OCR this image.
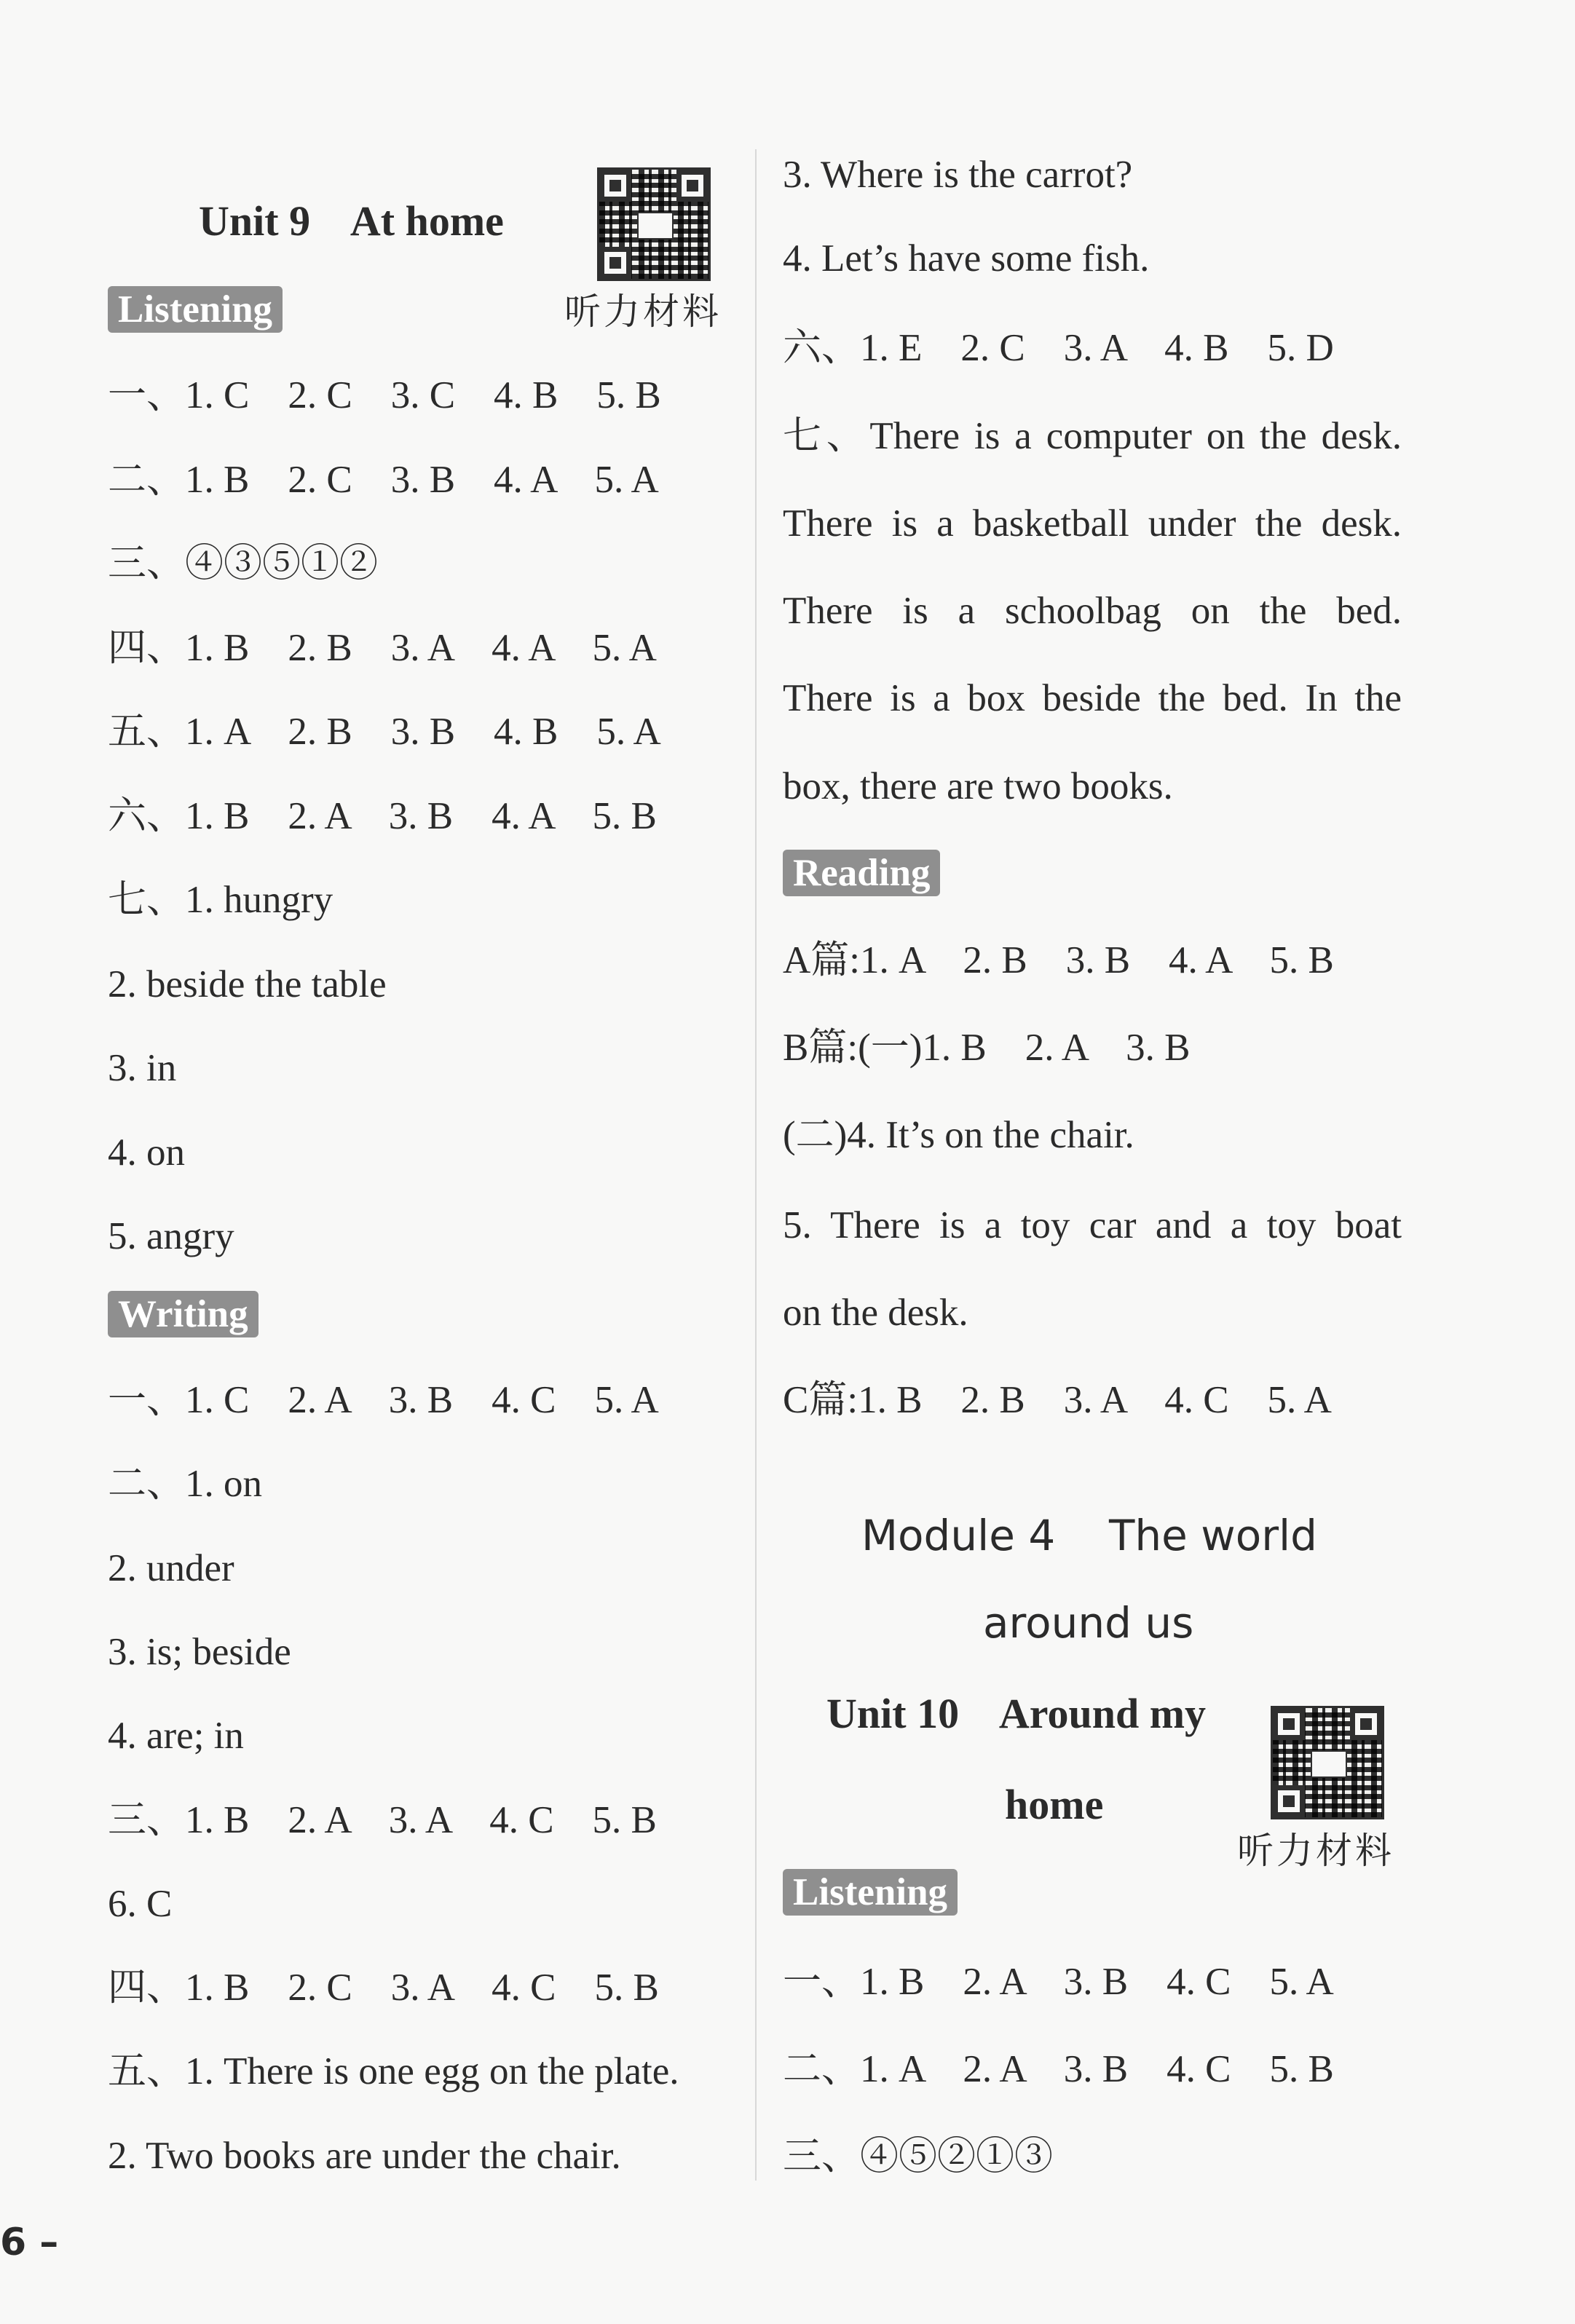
Unit 9    At home
听力材料
Listening
一、1. C    2. C    3. C    4. B    5. B
二、1. B    2. C    3. B    4. A    5. A
三、④③⑤①②
四、1. B    2. B    3. A    4. A    5. A
五、1. A    2. B    3. B    4. B    5. A
六、1. B    2. A    3. B    4. A    5. B
七、1. hungry
2. beside the table
3. in
4. on
5. angry
Writing
一、1. C    2. A    3. B    4. C    5. A
二、1. on
2. under
3. is; beside
4. are; in
三、1. B    2. A    3. A    4. C    5. B
6. C
四、1. B    2. C    3. A    4. C    5. B
五、1. There is one egg on the plate.
2. Two books are under the chair.
3. Where is the carrot?
4. Let’s have some fish.
六、1. E    2. C    3. A    4. B    5. D
七、There is a computer on the desk.
There is a basketball under the desk.
There is a schoolbag on the bed.
There is a box beside the bed. In the
box, there are two books.
Reading
A篇:1. A    2. B    3. B    4. A    5. B
B篇:(一)1. B    2. A    3. B
(二)4. It’s on the chair.
5. There is a toy car and a toy boat
on the desk.
C篇:1. B    2. B    3. A    4. C    5. A
Module 4    The world
around us
Unit 10    Around my
home
听力材料
Listening
一、1. B    2. A    3. B    4. C    5. A
二、1. A    2. A    3. B    4. C    5. B
三、④⑤②①③
6 –
